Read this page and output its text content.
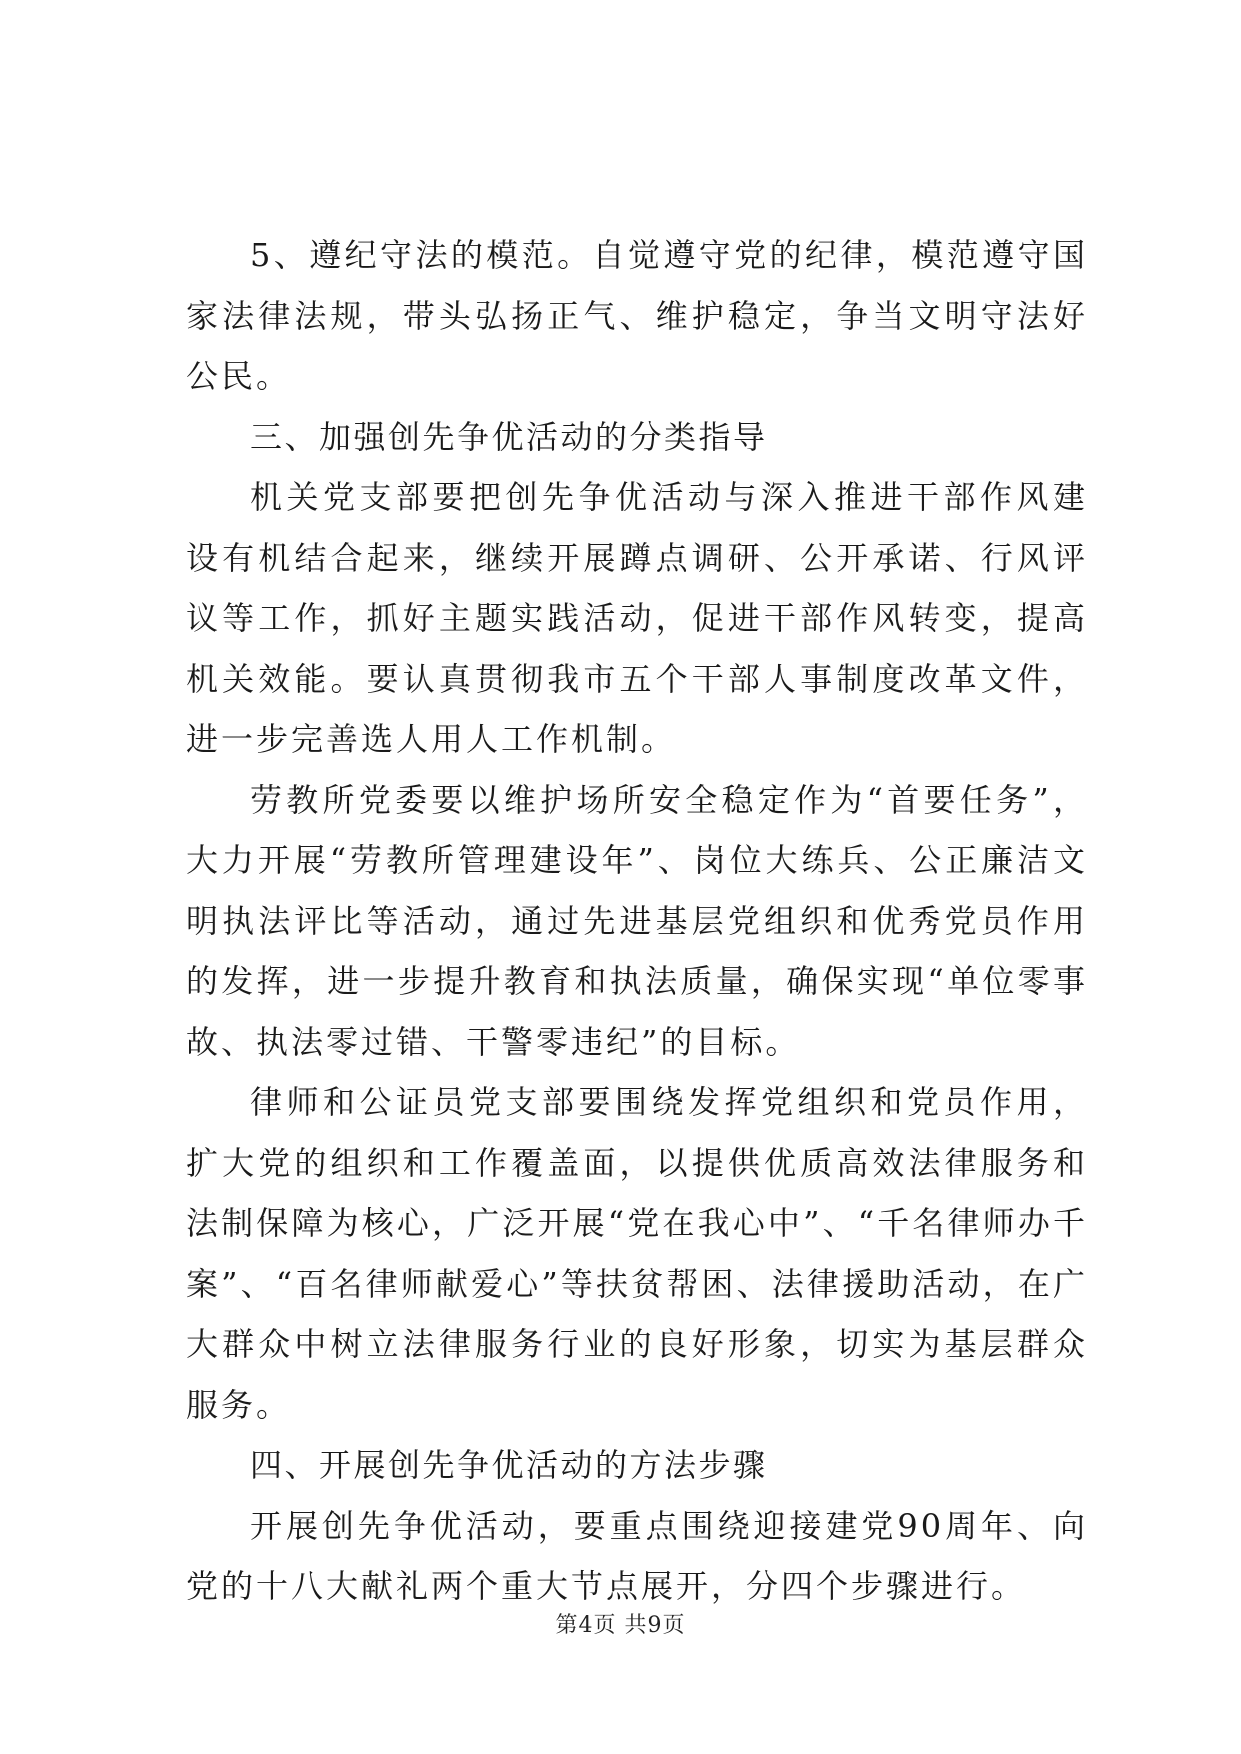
5、遵纪守法的模范。自觉遵守党的纪律，模范遵守国家法律法规，带头弘扬正气、维护稳定，争当文明守法好公民。

三、加强创先争优活动的分类指导

机关党支部要把创先争优活动与深入推进干部作风建设有机结合起来，继续开展蹲点调研、公开承诺、行风评议等工作，抓好主题实践活动，促进干部作风转变，提高机关效能。要认真贯彻我市五个干部人事制度改革文件，进一步完善选人用人工作机制。

劳教所党委要以维护场所安全稳定作为“首要任务”，大力开展“劳教所管理建设年”、岗位大练兵、公正廉洁文明执法评比等活动，通过先进基层党组织和优秀党员作用的发挥，进一步提升教育和执法质量，确保实现“单位零事故、执法零过错、干警零违纪”的目标。

律师和公证员党支部要围绕发挥党组织和党员作用，扩大党的组织和工作覆盖面，以提供优质高效法律服务和法制保障为核心，广泛开展“党在我心中”、“千名律师办千案”、“百名律师献爱心”等扶贫帮困、法律援助活动，在广大群众中树立法律服务行业的良好形象，切实为基层群众服务。

四、开展创先争优活动的方法步骤

开展创先争优活动，要重点围绕迎接建党90周年、向党的十八大献礼两个重大节点展开，分四个步骤进行。

第4页 共9页
